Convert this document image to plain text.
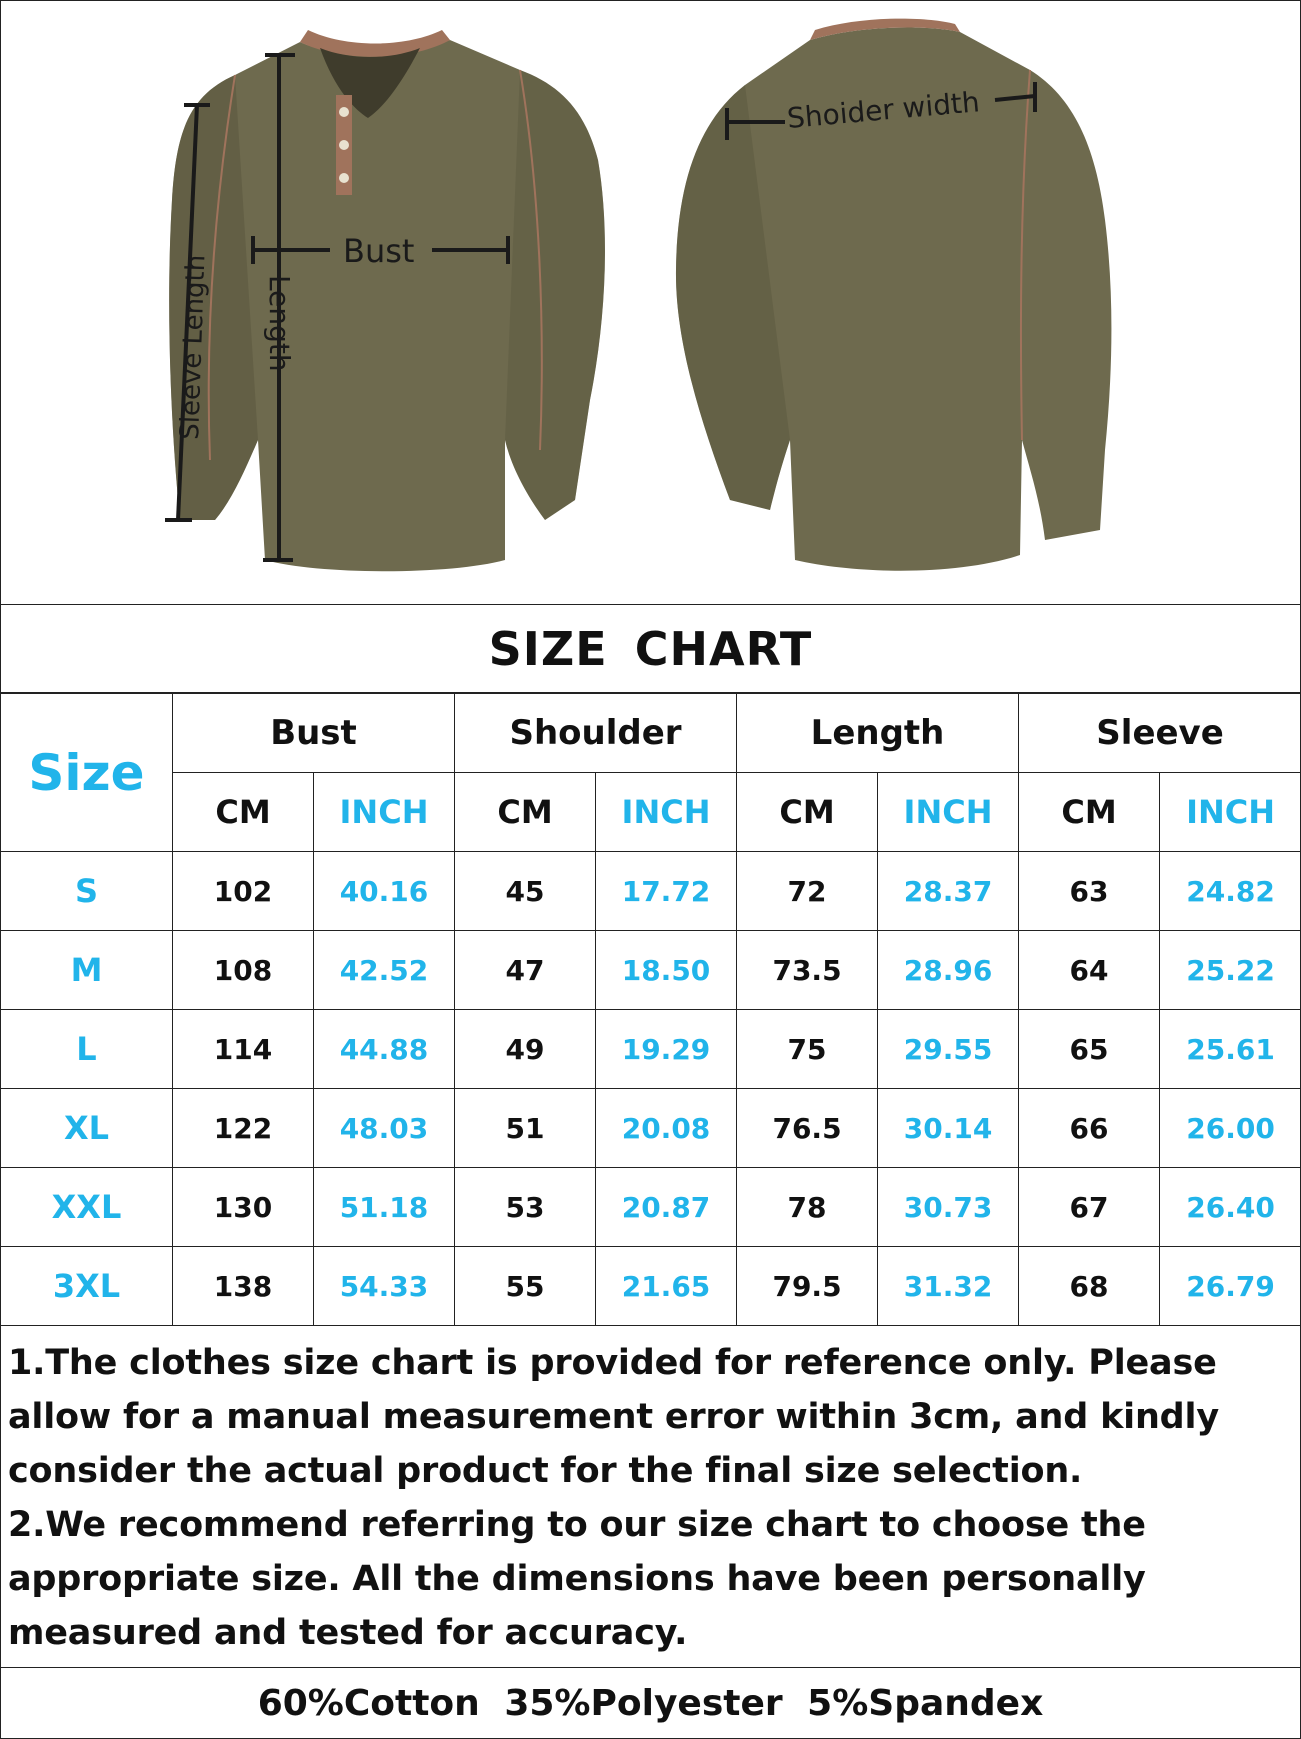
Bust
Length
Sleeve Length
Shoider width
SIZE CHART
Size	Bust		Shoulder		Length		Sleeve	
	CM	INCH	CM	INCH	CM	INCH	CM	INCH
S	102	40.16	45	17.72	72	28.37	63	24.82
M	108	42.52	47	18.50	73.5	28.96	64	25.22
L	114	44.88	49	19.29	75	29.55	65	25.61
XL	122	48.03	51	20.08	76.5	30.14	66	26.00
XXL	130	51.18	53	20.87	78	30.73	67	26.40
3XL	138	54.33	55	21.65	79.5	31.32	68	26.79

1.The clothes size chart is provided for reference only. Please allow for a manual measurement error within 3cm, and kindly consider the actual product for the final size selection.

2.We recommend referring to our size chart to choose the appropriate size. All the dimensions have been personally measured and tested for accuracy.

60%Cotton 35%Polyester 5%Spandex
